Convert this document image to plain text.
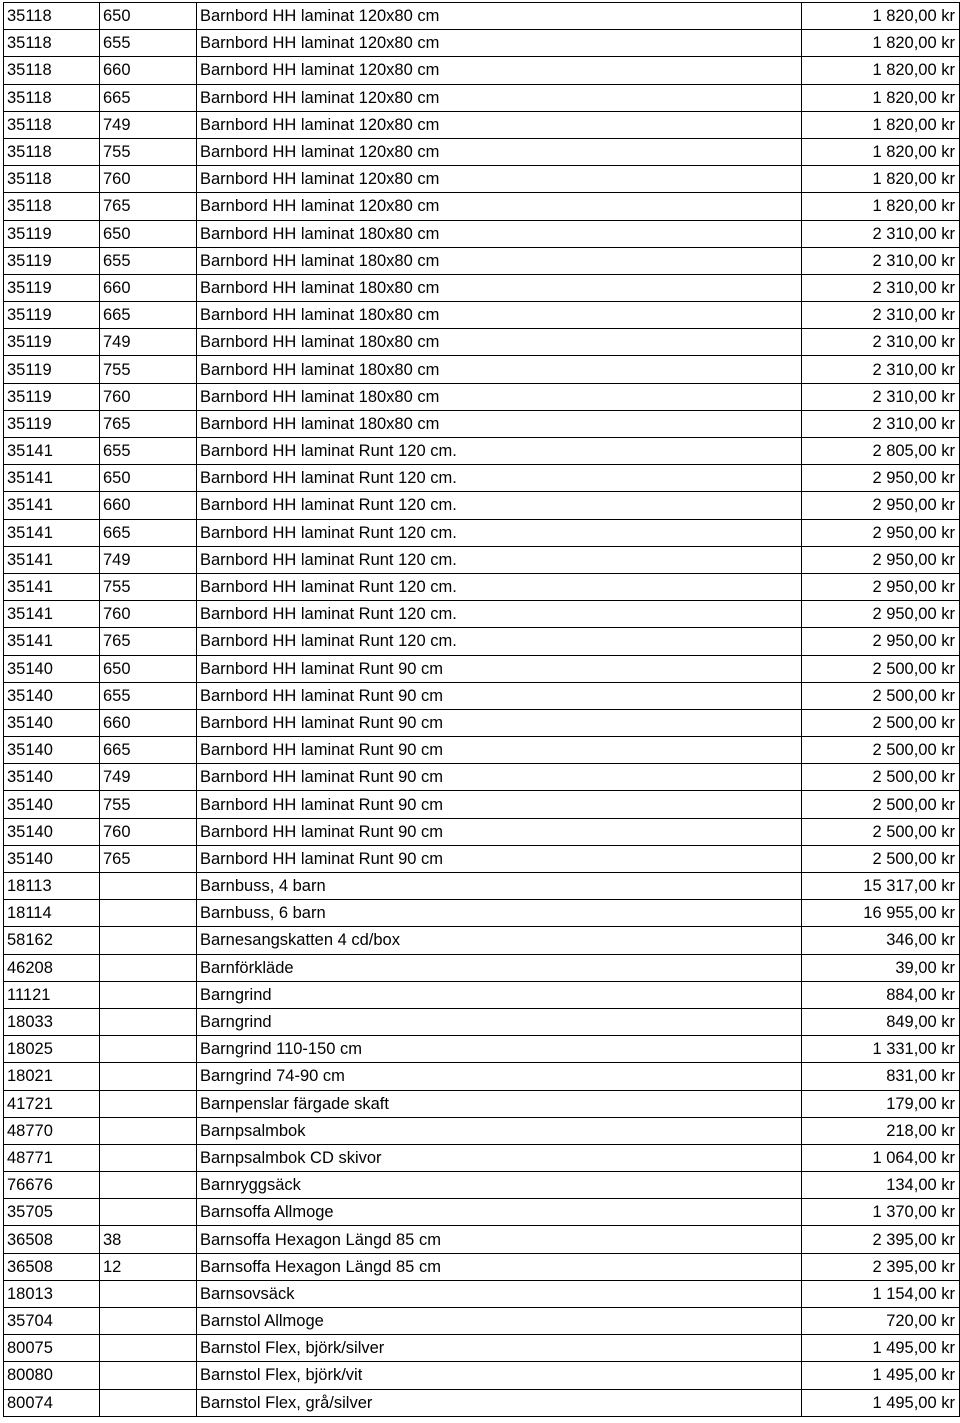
35118	650	Barnbord HH laminat 120x80 cm	1 820,00 kr
35118	655	Barnbord HH laminat 120x80 cm	1 820,00 kr
35118	660	Barnbord HH laminat 120x80 cm	1 820,00 kr
35118	665	Barnbord HH laminat 120x80 cm	1 820,00 kr
35118	749	Barnbord HH laminat 120x80 cm	1 820,00 kr
35118	755	Barnbord HH laminat 120x80 cm	1 820,00 kr
35118	760	Barnbord HH laminat 120x80 cm	1 820,00 kr
35118	765	Barnbord HH laminat 120x80 cm	1 820,00 kr
35119	650	Barnbord HH laminat 180x80 cm	2 310,00 kr
35119	655	Barnbord HH laminat 180x80 cm	2 310,00 kr
35119	660	Barnbord HH laminat 180x80 cm	2 310,00 kr
35119	665	Barnbord HH laminat 180x80 cm	2 310,00 kr
35119	749	Barnbord HH laminat 180x80 cm	2 310,00 kr
35119	755	Barnbord HH laminat 180x80 cm	2 310,00 kr
35119	760	Barnbord HH laminat 180x80 cm	2 310,00 kr
35119	765	Barnbord HH laminat 180x80 cm	2 310,00 kr
35141	655	Barnbord HH laminat Runt 120 cm.	2 805,00 kr
35141	650	Barnbord HH laminat Runt 120 cm.	2 950,00 kr
35141	660	Barnbord HH laminat Runt 120 cm.	2 950,00 kr
35141	665	Barnbord HH laminat Runt 120 cm.	2 950,00 kr
35141	749	Barnbord HH laminat Runt 120 cm.	2 950,00 kr
35141	755	Barnbord HH laminat Runt 120 cm.	2 950,00 kr
35141	760	Barnbord HH laminat Runt 120 cm.	2 950,00 kr
35141	765	Barnbord HH laminat Runt 120 cm.	2 950,00 kr
35140	650	Barnbord HH laminat Runt 90 cm	2 500,00 kr
35140	655	Barnbord HH laminat Runt 90 cm	2 500,00 kr
35140	660	Barnbord HH laminat Runt 90 cm	2 500,00 kr
35140	665	Barnbord HH laminat Runt 90 cm	2 500,00 kr
35140	749	Barnbord HH laminat Runt 90 cm	2 500,00 kr
35140	755	Barnbord HH laminat Runt 90 cm	2 500,00 kr
35140	760	Barnbord HH laminat Runt 90 cm	2 500,00 kr
35140	765	Barnbord HH laminat Runt 90 cm	2 500,00 kr
18113		Barnbuss, 4 barn	15 317,00 kr
18114		Barnbuss, 6 barn	16 955,00 kr
58162		Barnesangskatten 4 cd/box	346,00 kr
46208		Barnförkläde	39,00 kr
11121		Barngrind	884,00 kr
18033		Barngrind	849,00 kr
18025		Barngrind 110-150 cm	1 331,00 kr
18021		Barngrind 74-90 cm	831,00 kr
41721		Barnpenslar färgade skaft	179,00 kr
48770		Barnpsalmbok	218,00 kr
48771		Barnpsalmbok CD skivor	1 064,00 kr
76676		Barnryggsäck	134,00 kr
35705		Barnsoffa Allmoge	1 370,00 kr
36508	38	Barnsoffa Hexagon Längd 85 cm	2 395,00 kr
36508	12	Barnsoffa Hexagon Längd 85 cm	2 395,00 kr
18013		Barnsovsäck	1 154,00 kr
35704		Barnstol Allmoge	720,00 kr
80075		Barnstol Flex, björk/silver	1 495,00 kr
80080		Barnstol Flex, björk/vit	1 495,00 kr
80074		Barnstol Flex, grå/silver	1 495,00 kr
